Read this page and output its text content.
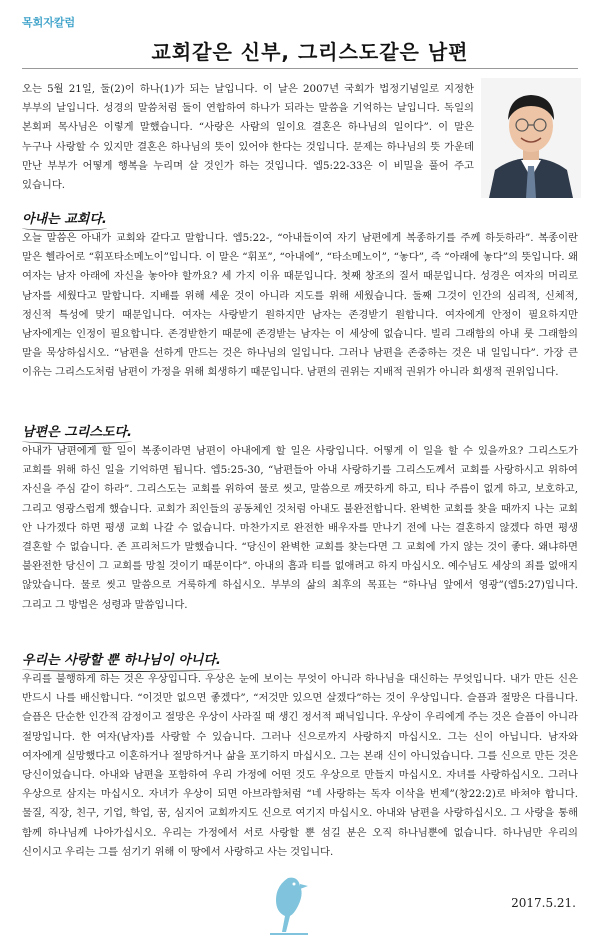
목회자칼럼
교회같은 신부, 그리스도같은 남편

오는 5월 21일, 둘(2)이 하나(1)가 되는 날입니다. 이 날은 2007년 국회가 법정기념일로 지정한 부부의 날입니다. 성경의 말씀처럼 둘이 연합하여 하나가 되라는 말씀을 기억하는 날입니다. 독일의 본회퍼 목사님은 이렇게 말했습니다. “사랑은 사람의 일이요 결혼은 하나님의 일이다”. 이 말은 누구나 사랑할 수 있지만 결혼은 하나님의 뜻이 있어야 한다는 것입니다. 문제는 하나님의 뜻 가운데 만난 부부가 어떻게 행복을 누리며 살 것인가 하는 것입니다. 엡5:22-33은 이 비밀을 풀어 주고 있습니다.

아내는 교회다.

오늘 말씀은 아내가 교회와 같다고 말합니다. 엡5:22-, “아내들이여 자기 남편에게 복종하기를 주께 하듯하라”. 복종이란 말은 헬라어로 “휘포타소메노이”입니다. 이 말은 “휘포”, “아내에”, “타소메노이”, “놓다”, 즉 “아래에 놓다”의 뜻입니다. 왜 여자는 남자 아래에 자신을 놓아야 할까요? 세 가지 이유 때문입니다. 첫째 창조의 질서 때문입니다. 성경은 여자의 머리로 남자를 세웠다고 말합니다. 지배를 위해 세운 것이 아니라 지도를 위해 세웠습니다. 둘째 그것이 인간의 심리적, 신체적, 정신적 특성에 맞기 때문입니다. 여자는 사랑받기 원하지만 남자는 존경받기 원합니다. 여자에게 안정이 필요하지만 남자에게는 인정이 필요합니다. 존경받한기 때문에 존경받는 남자는 이 세상에 없습니다. 빌리 그래함의 아내 룻 그래함의 말을 묵상하십시오. “남편을 선하게 만드는 것은 하나님의 일입니다. 그러나 남편을 존중하는 것은 내 일입니다”. 가장 큰 이유는 그리스도처럼 남편이 가정을 위해 희생하기 때문입니다. 남편의 권위는 지배적 권위가 아니라 희생적 권위입니다.

남편은 그리스도다.

아내가 남편에게 할 일이 복종이라면 남편이 아내에게 할 일은 사랑입니다. 어떻게 이 일을 할 수 있을까요? 그리스도가 교회를 위해 하신 일을 기억하면 됩니다. 엡5:25-30, “남편들아 아내 사랑하기를 그리스도께서 교회를 사랑하시고 위하여 자신을 주심 같이 하라”. 그리스도는 교회를 위하여 물로 씻고, 말씀으로 깨끗하게 하고, 티나 주름이 없게 하고, 보호하고, 그리고 영광스럽게 했습니다. 교회가 죄인들의 공동체인 것처럼 아내도 불완전합니다. 완벽한 교회를 찾을 때까지 나는 교회 안 나가겠다 하면 평생 교회 나갈 수 없습니다. 마찬가지로 완전한 배우자를 만나기 전에 나는 결혼하지 않겠다 하면 평생 결혼할 수 없습니다. 존 프리처드가 말했습니다. “당신이 완벽한 교회를 찾는다면 그 교회에 가지 않는 것이 좋다. 왜냐하면 불완전한 당신이 그 교회를 망칠 것이기 때문이다”. 아내의 흠과 티를 없애려고 하지 마십시오. 예수님도 세상의 죄를 없애지 않았습니다. 물로 씻고 말씀으로 거룩하게 하십시오. 부부의 삶의 최후의 목표는 “하나님 앞에서 영광”(엡5:27)입니다. 그리고 그 방법은 성령과 말씀입니다.

우리는 사랑할 뿐 하나님이 아니다.

우리를 불행하게 하는 것은 우상입니다. 우상은 눈에 보이는 무엇이 아니라 하나님을 대신하는 무엇입니다. 내가 만든 신은 반드시 나를 배신합니다. “이것만 없으면 좋겠다”, “저것만 있으면 살겠다”하는 것이 우상입니다. 슬픔과 절망은 다릅니다. 슬픔은 단순한 인간적 감정이고 절망은 우상이 사라질 때 생긴 정서적 패닉입니다. 우상이 우리에게 주는 것은 슬픔이 아니라 절망입니다. 한 여자(남자)를 사랑할 수 있습니다. 그러나 신으로까지 사랑하지 마십시오. 그는 신이 아닙니다. 남자와 여자에게 실망했다고 이혼하거나 절망하거나 삶을 포기하지 마십시오. 그는 본래 신이 아니었습니다. 그를 신으로 만든 것은 당신이었습니다. 아내와 남편을 포함하여 우리 가정에 어떤 것도 우상으로 만들지 마십시오. 자녀를 사랑하십시오. 그러나 우상으로 삼지는 마십시오. 자녀가 우상이 되면 아브라함처럼 “네 사랑하는 독자 이삭을 번제”(창22:2)로 바쳐야 합니다. 물질, 직장, 친구, 기업, 학업, 꿈, 심지어 교회까지도 신으로 여기지 마십시오. 아내와 남편을 사랑하십시오. 그 사랑을 통해 함께 하나님께 나아가십시오. 우리는 가정에서 서로 사랑할 뿐 섬길 분은 오직 하나님뿐에 없습니다. 하나님만 우리의 신이시고 우리는 그를 섬기기 위해 이 땅에서 사랑하고 사는 것입니다.

2017.5.21.
